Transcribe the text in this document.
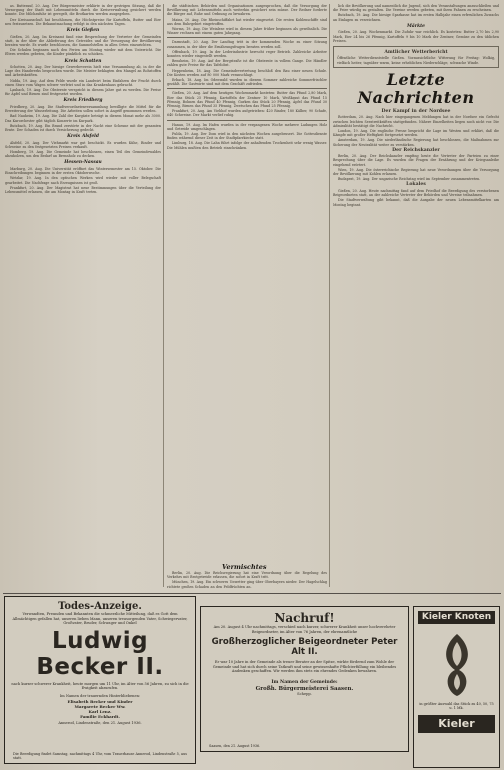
as. Butterauf, 20. Aug. Der Bürgermeister erklärte in der gestrigen Sitzung, daß die Versorgung der Stadt mit Lebensmitteln durch die Kreisverwaltung gesichert werden konnte. Die Milchzufuhr ist geregelt, die Brotkarten werden ausgegeben.

Der Kreisausschuß hat beschlossen, die Höchstpreise für Kartoffeln, Butter und Eier neu festzusetzen. Die Bekanntmachung erfolgt in den nächsten Tagen.

Kreis Gießen

Gießen, 20. Aug. Im Kreisamt fand eine Besprechung der Vertreter der Gemeinden statt, in der über die Ablieferung des Getreides und die Versorgung der Bevölkerung beraten wurde. Es wurde beschlossen, die Sammelstellen in allen Orten einzurichten.

Die Schulen beginnen nach den Ferien am Montag wieder mit dem Unterricht. Die Eltern werden gebeten, die Kinder pünktlich zu schicken.

Kreis Schotten

Schotten, 20. Aug. Der hiesige Gewerbeverein hielt eine Versammlung ab, in der die Lage des Handwerks besprochen wurde. Die Meister beklagten den Mangel an Rohstoffen und Arbeitskräften.

Nidda, 19. Aug. Auf dem Felde wurde ein Landwirt beim Einfahren der Frucht durch einen Sturz vom Wagen schwer verletzt und in das Krankenhaus gebracht.

Laubach, 19. Aug. Die Obsternte verspricht in diesem Jahre gut zu werden. Die Preise für Äpfel und Birnen sind festgesetzt worden.

Kreis Friedberg

Friedberg, 20. Aug. Die Stadtverordnetenversammlung bewilligte die Mittel für die Erweiterung der Wasserleitung. Die Arbeiten sollen sofort in Angriff genommen werden.

Bad Nauheim, 19. Aug. Die Zahl der Kurgäste beträgt in diesem Monat mehr als 3000. Das Kurorchester gibt täglich Konzerte im Kurpark.

Butzbach, 19. Aug. Ein Brand zerstörte in der Nacht eine Scheune mit der gesamten Ernte. Der Schaden ist durch Versicherung gedeckt.

Kreis Alsfeld

Alsfeld, 20. Aug. Der Viehmarkt war gut beschickt. Es wurden Kühe, Rinder und Schweine zu den festgesetzten Preisen verkauft.

Homberg, 19. Aug. Die Gemeinde hat beschlossen, einen Teil des Gemeindewaldes abzuholzen, um den Bedarf an Brennholz zu decken.

Hessen-Nassau

Marburg, 20. Aug. Die Universität eröffnet das Wintersemester am 15. Oktober. Die Einschreibungen beginnen in der ersten Oktoberwoche.

Wetzlar, 19. Aug. In den optischen Werken wird wieder mit voller Belegschaft gearbeitet. Die Nachfrage nach Erzeugnissen ist groß.

Frankfurt, 20. Aug. Der Magistrat hat neue Bestimmungen über die Verteilung der Lebensmittel erlassen, die am Montag in Kraft treten.

die städtischen Behörden und Organisationen ausgesprochen, daß die Versorgung der Bevölkerung mit Lebensmitteln auch weiterhin gesichert sein müsse. Der Redner forderte die Bürger auf, Ruhe und Ordnung zu bewahren.

Mainz, 20. Aug. Die Rheinschiffahrt hat wieder eingesetzt. Die ersten Kohlenschiffe sind aus dem Ruhrgebiet eingetroffen.

Worms, 19. Aug. Die Weinlese wird in diesem Jahre früher beginnen als gewöhnlich. Die Winzer rechnen mit einem guten Jahrgang.

Darmstadt, 20. Aug. Der Landtag tritt in der kommenden Woche zu einer Sitzung zusammen, in der über die Ernährungsfragen beraten werden soll.

Offenbach, 19. Aug. In der Lederindustrie herrscht reger Betrieb. Zahlreiche Arbeiter konnten wieder eingestellt werden.

Bensheim, 19. Aug. Auf der Bergstraße ist die Obsternte in vollem Gange. Die Händler zahlen gute Preise für das Tafelobst.

Heppenheim, 18. Aug. Die Gemeindevertretung beschloß den Bau einer neuen Schule. Die Kosten werden auf 80 000 Mark veranschlagt.

Erbach, 18. Aug. Im Odenwald wurden in diesem Sommer zahlreiche Sommerfrischler gezählt. Die Gastwirte sind mit dem Geschäft zufrieden.

Gießen, 20. Aug. Auf dem heutigen Wochenmarkt kosteten: Butter das Pfund 2,80 Mark, Eier das Stück 25 Pfennig, Kartoffeln der Zentner 10 Mark, Weißkraut das Pfund 15 Pfennig, Bohnen das Pfund 40 Pfennig, Gurken das Stück 20 Pfennig, Äpfel das Pfund 30 Pfennig, Birnen das Pfund 35 Pfennig, Zwetschen das Pfund 25 Pfennig.

Frankfurt, 20. Aug. Am Viehhof wurden aufgetrieben: 420 Rinder, 180 Kälber, 90 Schafe, 640 Schweine. Der Markt verlief ruhig.

Hanau, 19. Aug. Im Hafen wurden in der vergangenen Woche mehrere Ladungen Holz und Getreide umgeschlagen.

Fulda, 19. Aug. Der Dom wird in den nächsten Wochen ausgebessert. Die Gottesdienste finden während dieser Zeit in der Stadtpfarrkirche statt.

Limburg, 18. Aug. Die Lahn führt infolge der anhaltenden Trockenheit sehr wenig Wasser. Die Mühlen mußten den Betrieb einschränken.

Vermischtes

Berlin, 20. Aug. Die Reichsregierung hat eine Verordnung über die Regelung des Verkehrs mit Brotgetreide erlassen, die sofort in Kraft tritt.

München, 19. Aug. Ein schweres Unwetter ging über Oberbayern nieder. Der Hagelschlag richtete großen Schaden an den Feldfrüchten an.

lich die Bevölkerung und namentlich die Jugend, sich den Veranstaltungen anzuschließen und die Feier würdig zu gestalten. Die Vereine werden gebeten, mit ihren Fahnen zu erscheinen.

Butzbach, 19. Aug. Die hiesige Sparkasse hat im ersten Halbjahr einen erfreulichen Zuwachs an Einlagen zu verzeichnen.

Märkte

Gießen, 20. Aug. Wochenmarkt. Die Zufuhr war reichlich. Es kosteten: Butter 2,70 bis 2,90 Mark, Eier 24 bis 26 Pfennig, Kartoffeln 9 bis 10 Mark der Zentner, Gemüse zu den üblichen Preisen.

Amtlicher Wetterbericht
Öffentliche Wetterdienststelle Gießen. Voraussichtliche Witterung für Freitag: Wolkig, vielfach heiter, tagsüber warm, keine erheblichen Niederschläge, schwache Winde.
Letzte Nachrichten
Der Kampf in der Nordsee

Rotterdam, 20. Aug. Nach hier eingegangenen Meldungen hat in der Nordsee ein Gefecht zwischen leichten Seestreitkräften stattgefunden. Nähere Einzelheiten liegen noch nicht vor. Die Admiralität bestätigt die Nachricht.

London, 19. Aug. Die englische Presse bespricht die Lage im Westen und erklärt, daß die Kämpfe mit großer Heftigkeit fortgesetzt werden.

Amsterdam, 19. Aug. Die niederländische Regierung hat beschlossen, die Maßnahmen zur Sicherung der Neutralität weiter zu verstärken.

Der Reichskanzler

Berlin, 20. Aug. Der Reichskanzler empfing heute die Vertreter der Parteien zu einer Besprechung über die Lage. Es wurden die Fragen der Ernährung und der Kriegsanleihe eingehend erörtert.

Wien, 19. Aug. Die österreichische Regierung hat neue Verordnungen über die Versorgung der Bevölkerung mit Kohlen erlassen.

Budapest, 19. Aug. Der ungarische Reichstag wird im September zusammentreten.

Lokales

Gießen, 20. Aug. Heute nachmittag fand auf dem Friedhof die Beerdigung des verstorbenen Beigeordneten statt, an der zahlreiche Vertreter der Behörden und Vereine teilnahmen.

Die Stadtverwaltung gibt bekannt, daß die Ausgabe der neuen Lebensmittelkarten am Montag beginnt.

Todes-Anzeige.
Verwandten, Freunden und Bekannten die schmerzliche Mitteilung, daß es Gott dem Allmächtigen gefallen hat, unseren lieben Mann, unseren treusorgenden Vater, Schwiegervater, Großvater, Bruder, Schwager und Onkel
Ludwig Becker II.
nach kurzer schwerer Krankheit, heute morgen um 11 Uhr, im Alter von 56 Jahren, zu sich in die Ewigkeit abzurufen.
Im Namen der trauernden Hinterbliebenen:
Elisabeth Becker und Kinder
Margarete Becker Ww.
Karl Lenz.
Familie Eckhardt.
Annerod, Lindenstraße, den 21. August 1936.
Die Beerdigung findet Samstag, nachmittags 4 Uhr, vom Trauerhause Annerod, Lindenstraße 5, aus statt.
Nachruf!
Am 20. August 4 Uhr nachmittags, verschied nach kurzer, schwerer Krankheit unser hochverehrter Beigeordneter, im Alter von 76 Jahren, der ehrenamtliche
Großherzoglicher Beigeordneter Peter Alt II.
Er war 10 Jahre in der Gemeinde als treuer Berater an der Spitze, wirkte fördernd zum Wohle der Gemeinde und hat sich durch seine Tatkraft und seine gewissenhafte Pflichterfüllung ein bleibendes Andenken geschaffen. Wir werden ihm stets ein ehrendes Gedenken bewahren.
Im Namen der Gemeinde:
Großh. Bürgermeisterei Saasen.
Schepp.
Saasen, den 21. August 1936.
Kieler Knoten
in größter Auswahl das Stück zu 40, 50, 75 u. 1 Mk.
Kieler
